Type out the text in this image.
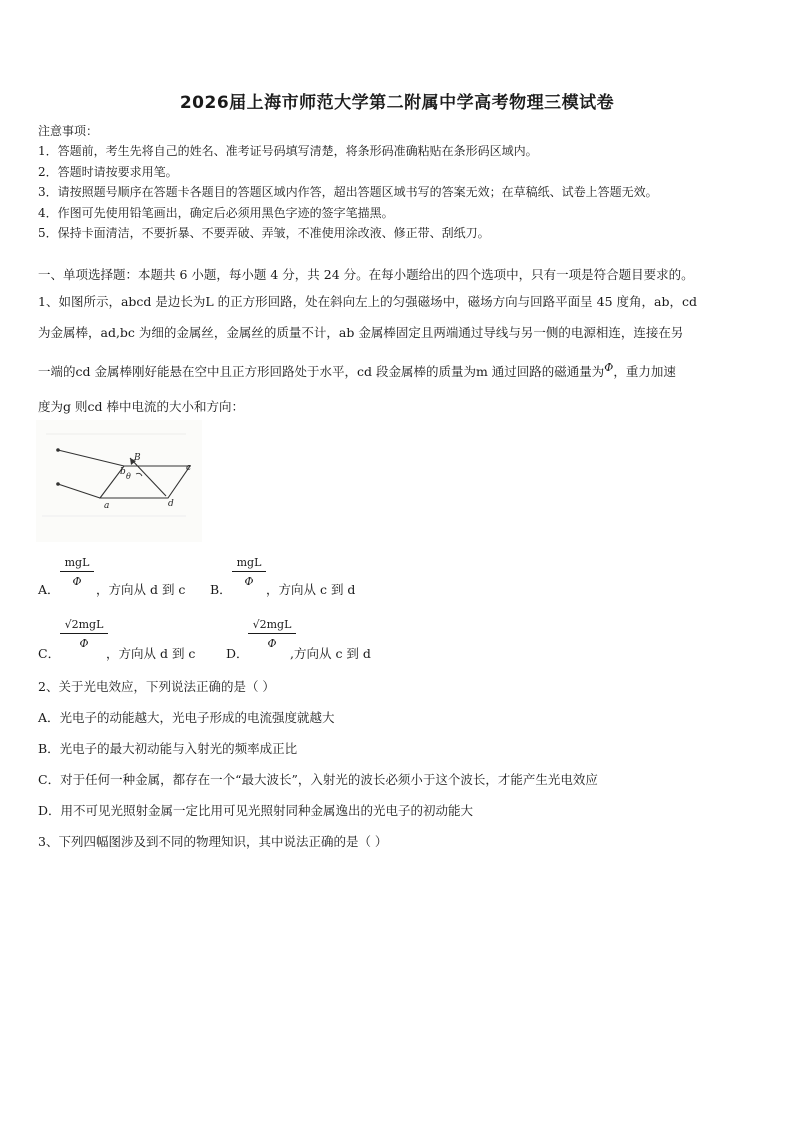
2026届上海市师范大学第二附属中学高考物理三模试卷
注意事项：
1．答题前，考生先将自己的姓名、准考证号码填写清楚，将条形码准确粘贴在条形码区域内。
2．答题时请按要求用笔。
3．请按照题号顺序在答题卡各题目的答题区域内作答，超出答题区域书写的答案无效；在草稿纸、试卷上答题无效。
4．作图可先使用铅笔画出，确定后必须用黑色字迹的签字笔描黑。
5．保持卡面清洁，不要折暴、不要弄破、弄皱，不准使用涂改液、修正带、刮纸刀。
一、单项选择题：本题共 6 小题，每小题 4 分，共 24 分。在每小题给出的四个选项中，只有一项是符合题目要求的。
1、如图所示，abcd 是边长为L 的正方形回路，处在斜向左上的匀强磁场中，磁场方向与回路平面呈 45 度角，ab，cd
为金属棒，ad,bc 为细的金属丝，金属丝的质量不计，ab 金属棒固定且两端通过导线与另一侧的电源相连，连接在另
一端的cd 金属棒刚好能悬在空中且正方形回路处于水平，cd 段金属棒的质量为m 通过回路的磁通量为$^\Phi$，重力加速
度为g 则cd 棒中电流的大小和方向：
B
b θ
a
c
d
mgL
Φ
A．	，方向从 d 到 c
mgL
Φ
B．	，方向从 c 到 d
√2mgL
Φ
C．	，方向从 d 到 c
√2mgL
Φ
D．	,方向从 c 到 d
2、关于光电效应，下列说法正确的是（ ）
A．光电子的动能越大，光电子形成的电流强度就越大
B．光电子的最大初动能与入射光的频率成正比
C．对于任何一种金属，都存在一个“最大波长”，入射光的波长必须小于这个波长，才能产生光电效应
D．用不可见光照射金属一定比用可见光照射同种金属逸出的光电子的初动能大
3、下列四幅图涉及到不同的物理知识，其中说法正确的是（ ）
